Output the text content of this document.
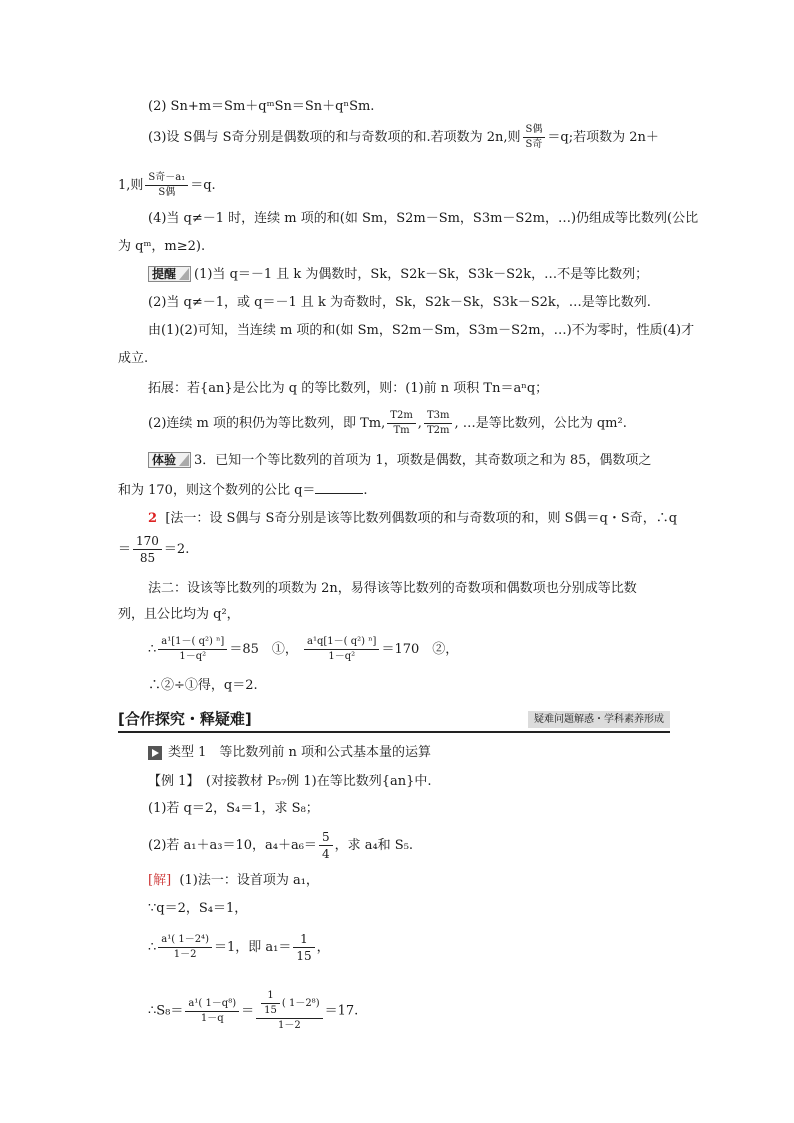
(2) Sn+m＝Sm＋qᵐSn＝Sn＋qⁿSm.
(3)设 S偶与 S奇分别是偶数项的和与奇数项的和.若项数为 2n,则 $\frac{\text{S偶}}{\text{S奇}} =q$;若项数为 2n＋
1,则 $\frac{\text{S奇－a₁}}{\text{S偶}} =q$.
(4)当 q≠－1 时，连续 m 项的和(如 Sm，S2m－Sm，S3m－S2m，…)仍组成等比数列(公比
为 qᵐ，m≥2).
提醒 (1)当 q＝－1 且 k 为偶数时，Sk，S2k－Sk，S3k－S2k，…不是等比数列；
(2)当 q≠－1，或 q＝－1 且 k 为奇数时，Sk，S2k－Sk，S3k－S2k，…是等比数列.
由(1)(2)可知，当连续 m 项的和(如 Sm，S2m－Sm，S3m－S2m，…)不为零时，性质(4)才
成立.
拓展：若{an}是公比为 q 的等比数列，则：(1)前 n 项积 Tn＝aⁿq；
(2)连续 m 项的积仍为等比数列，即 Tm, $\frac{T2m}{Tm}$ , $\frac{T3m}{T2m}$ , …是等比数列，公比为 qm².
体验 3．已知一个等比数列的首项为 1，项数是偶数，其奇数项之和为 85，偶数项之
和为 170，则这个数列的公比 q＝	.
2 [法一：设 S偶与 S奇分别是该等比数列偶数项的和与奇数项的和，则 S偶＝q・S奇，∴q
＝ $\frac{170}{85} =2$.
法二：设该等比数列的项数为 2n，易得该等比数列的奇数项和偶数项也分别成等比数
列，且公比均为 q²，
∴ $\frac{\text{a¹[1－( q²) ⁿ]}}{\text{1－q²}} =85$　①， $\frac{\text{a¹q[1－( q²) ⁿ]}}{\text{1－q²}} =170$　②，
∴②÷①得，q＝2.
[合作探究・释疑难]	疑难问题解惑・学科素养形成
类型 1　等比数列前 n 项和公式基本量的运算
【例 1】　(对接教材 P₅₇例 1)在等比数列{an}中.
(1)若 q＝2，S₄＝1，求 S₈；
(2)若 a₁＋a₃＝10，$a_4+a_6= \frac{5}{4}$ ，求 a₄和 S₅.
[解] (1)法一：设首项为 a₁，
∵q＝2，S₄＝1，
∴ $\frac{\text{a¹( 1－2⁴)}}{1-2} =1$，即 $a_1= \frac{1}{15}$ ，
∴S₈＝ $\frac{\text{a¹( 1－q⁸)}}{1-q} = \frac{\frac{1}{15} ( 1-2^8)}{1-2} =17$.
